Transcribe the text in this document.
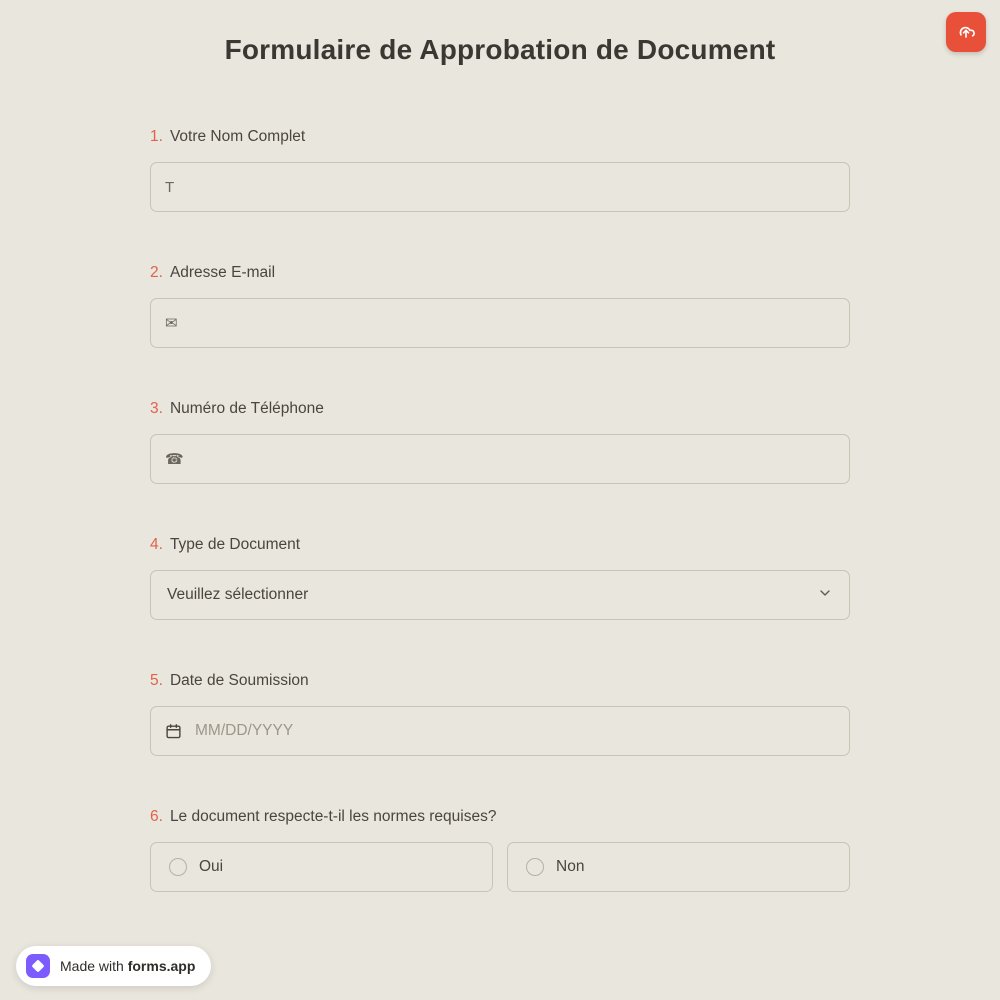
Formulaire de Approbation de Document
1. Votre Nom Complet
T
2. Adresse E-mail
✉
3. Numéro de Téléphone
☎
4. Type de Document
Veuillez sélectionner
5. Date de Soumission
MM/DD/YYYY
6. Le document respecte-t-il les normes requises?
Oui	Non
Made with forms.app
